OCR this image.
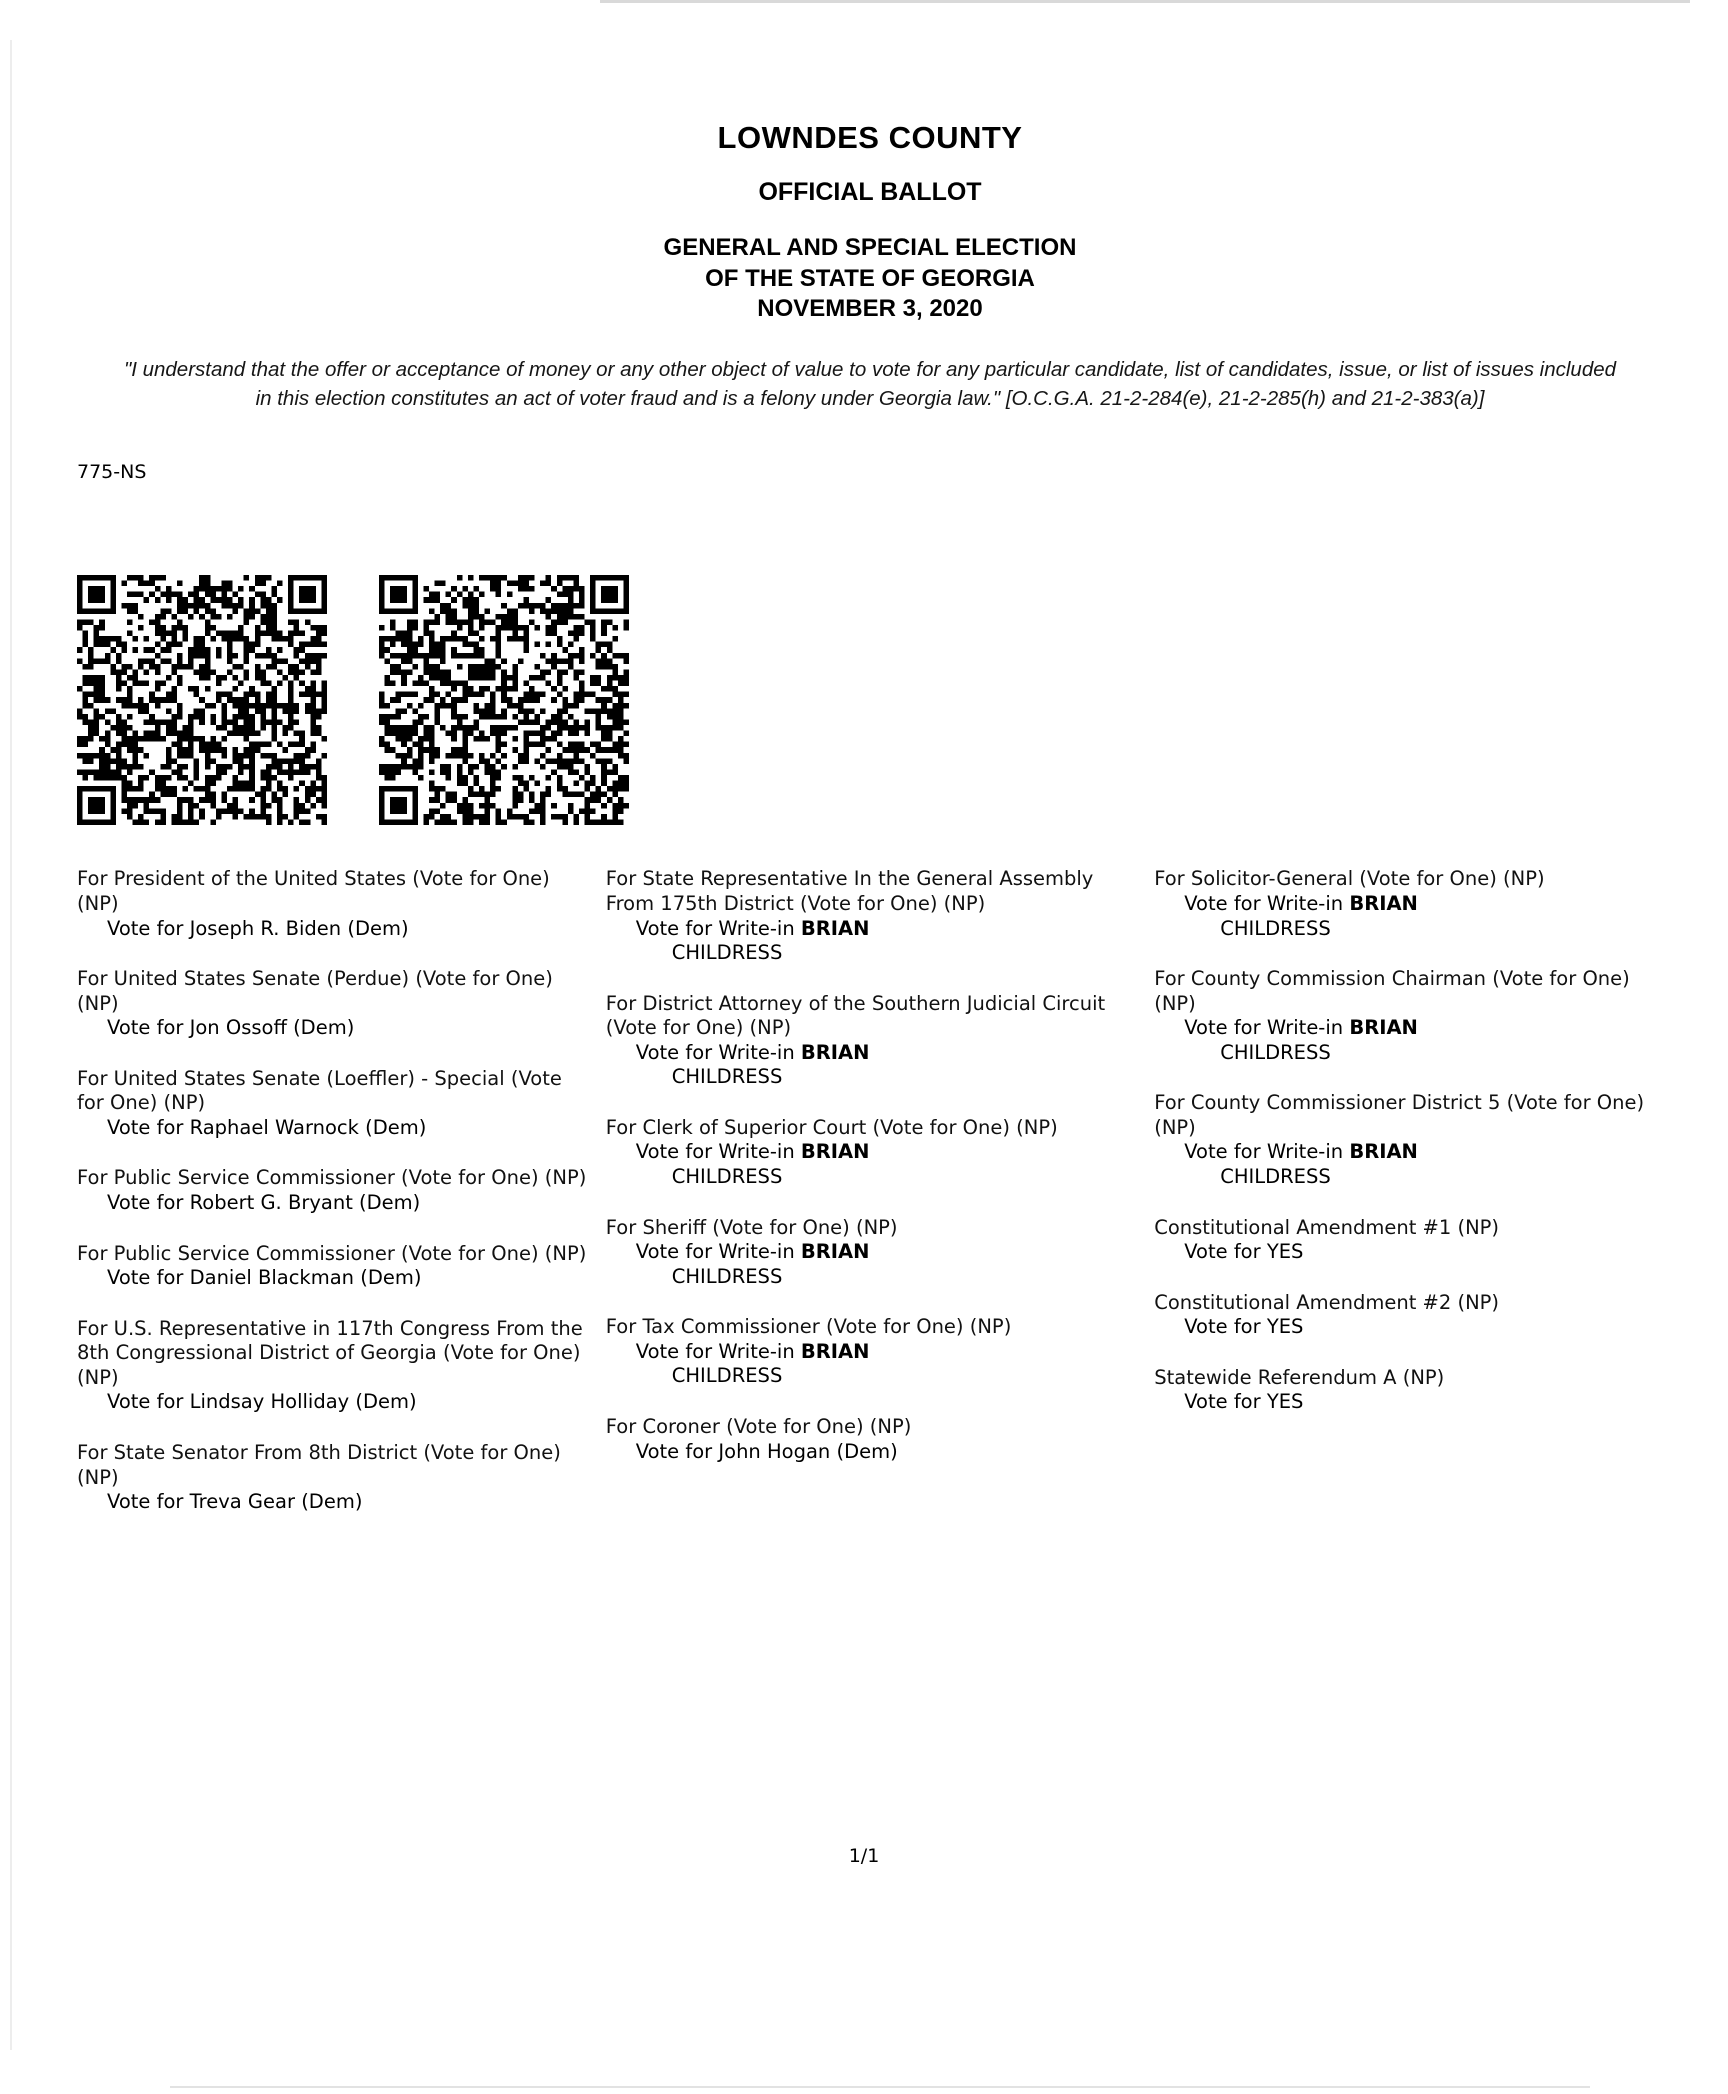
LOWNDES COUNTY
OFFICIAL BALLOT
GENERAL AND SPECIAL ELECTION
OF THE STATE OF GEORGIA
NOVEMBER 3, 2020
"I understand that the offer or acceptance of money or any other object of value to vote for any particular candidate, list of candidates, issue, or list of issues included in this election constitutes an act of voter fraud and is a felony under Georgia law." [O.C.G.A. 21-2-284(e), 21-2-285(h) and 21-2-383(a)]
775-NS
For President of the United States (Vote for One) (NP)
Vote for Joseph R. Biden (Dem)
For United States Senate (Perdue) (Vote for One) (NP)
Vote for Jon Ossoff (Dem)
For United States Senate (Loeffler) - Special (Vote for One) (NP)
Vote for Raphael Warnock (Dem)
For Public Service Commissioner (Vote for One) (NP)
Vote for Robert G. Bryant (Dem)
For Public Service Commissioner (Vote for One) (NP)
Vote for Daniel Blackman (Dem)
For U.S. Representative in 117th Congress From the 8th Congressional District of Georgia (Vote for One) (NP)
Vote for Lindsay Holliday (Dem)
For State Senator From 8th District (Vote for One) (NP)
Vote for Treva Gear (Dem)
For State Representative In the General Assembly From 175th District (Vote for One) (NP)
Vote for Write-in BRIAN
CHILDRESS
For District Attorney of the Southern Judicial Circuit (Vote for One) (NP)
Vote for Write-in BRIAN
CHILDRESS
For Clerk of Superior Court (Vote for One) (NP)
Vote for Write-in BRIAN
CHILDRESS
For Sheriff (Vote for One) (NP)
Vote for Write-in BRIAN
CHILDRESS
For Tax Commissioner (Vote for One) (NP)
Vote for Write-in BRIAN
CHILDRESS
For Coroner (Vote for One) (NP)
Vote for John Hogan (Dem)
For Solicitor-General (Vote for One) (NP)
Vote for Write-in BRIAN
CHILDRESS
For County Commission Chairman (Vote for One) (NP)
Vote for Write-in BRIAN
CHILDRESS
For County Commissioner District 5 (Vote for One) (NP)
Vote for Write-in BRIAN
CHILDRESS
Constitutional Amendment #1 (NP)
Vote for YES
Constitutional Amendment #2 (NP)
Vote for YES
Statewide Referendum A (NP)
Vote for YES
1/1
